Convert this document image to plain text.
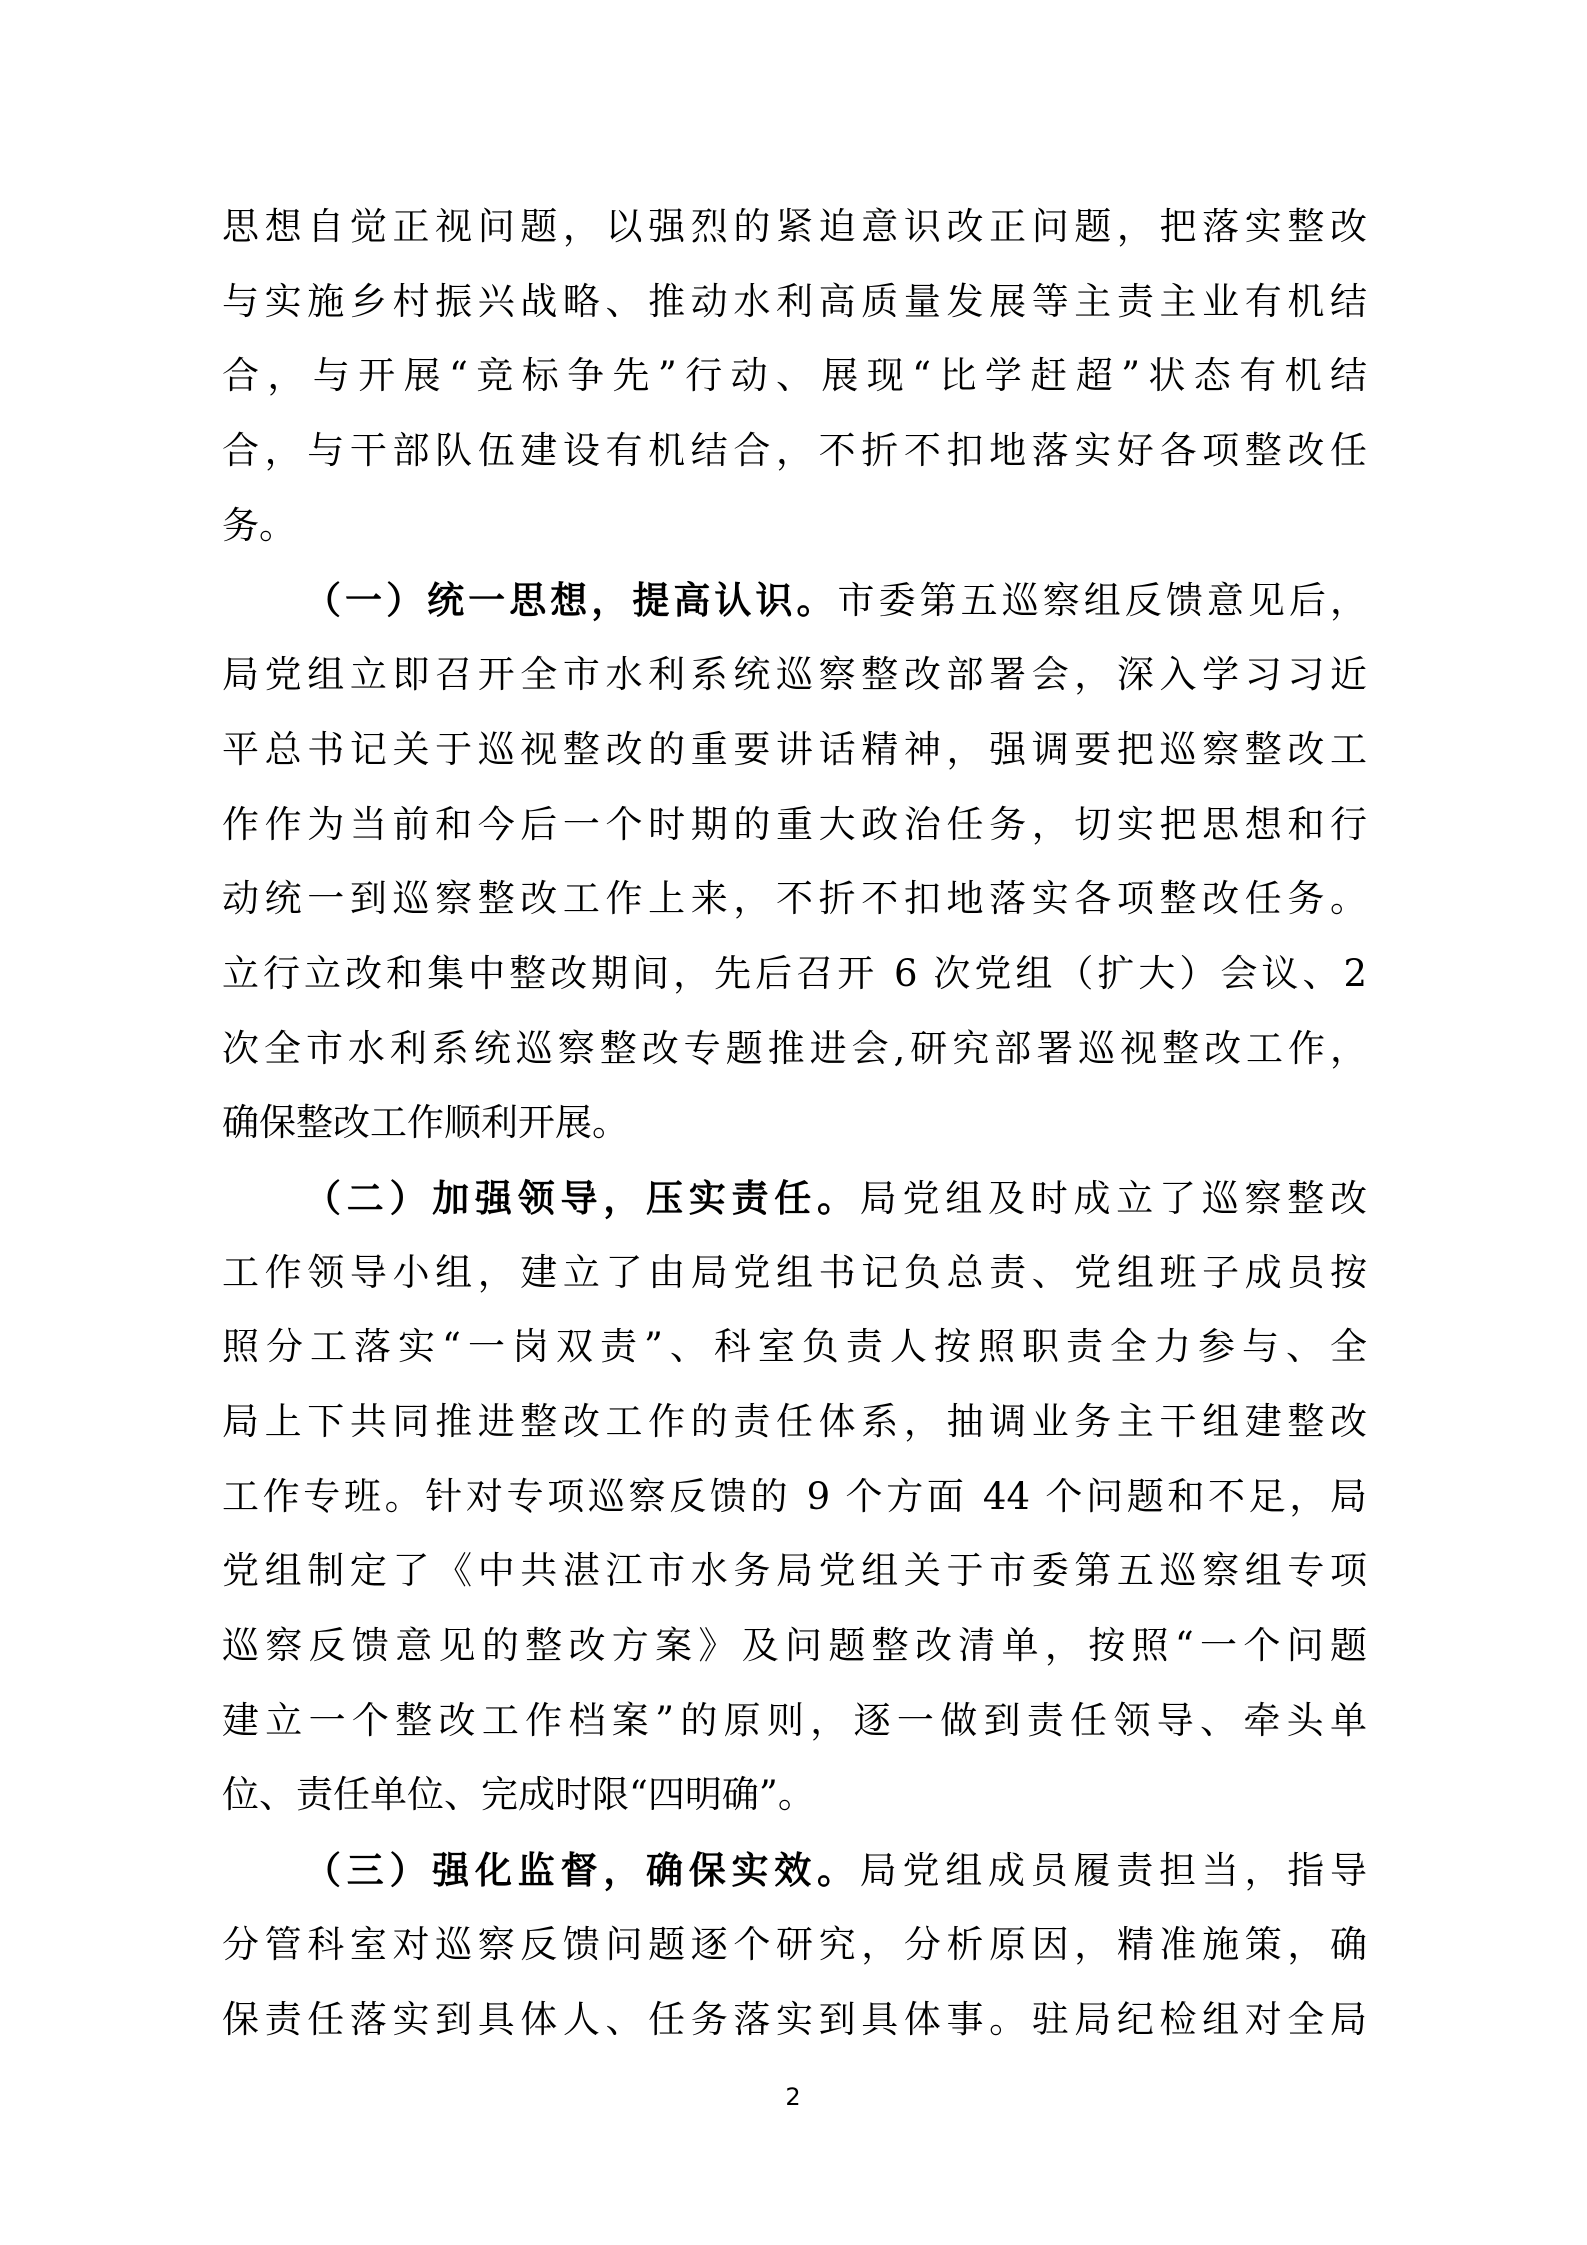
思想自觉正视问题，以强烈的紧迫意识改正问题，把落实整改
与实施乡村振兴战略、推动水利高质量发展等主责主业有机结
合，与开展“竞标争先”行动、展现“比学赶超”状态有机结
合，与干部队伍建设有机结合，不折不扣地落实好各项整改任
务。
（一）统一思想，提高认识。市委第五巡察组反馈意见后，
局党组立即召开全市水利系统巡察整改部署会，深入学习习近
平总书记关于巡视整改的重要讲话精神，强调要把巡察整改工
作作为当前和今后一个时期的重大政治任务，切实把思想和行
动统一到巡察整改工作上来，不折不扣地落实各项整改任务。
立行立改和集中整改期间，先后召开 6 次党组（扩大）会议、2
次全市水利系统巡察整改专题推进会,研究部署巡视整改工作，
确保整改工作顺利开展。
（二）加强领导，压实责任。局党组及时成立了巡察整改
工作领导小组，建立了由局党组书记负总责、党组班子成员按
照分工落实“一岗双责”、科室负责人按照职责全力参与、全
局上下共同推进整改工作的责任体系，抽调业务主干组建整改
工作专班。针对专项巡察反馈的 9 个方面 44 个问题和不足，局
党组制定了《中共湛江市水务局党组关于市委第五巡察组专项
巡察反馈意见的整改方案》及问题整改清单，按照“一个问题
建立一个整改工作档案”的原则，逐一做到责任领导、牵头单
位、责任单位、完成时限“四明确”。
（三）强化监督，确保实效。局党组成员履责担当，指导
分管科室对巡察反馈问题逐个研究，分析原因，精准施策，确
保责任落实到具体人、任务落实到具体事。驻局纪检组对全局
2
